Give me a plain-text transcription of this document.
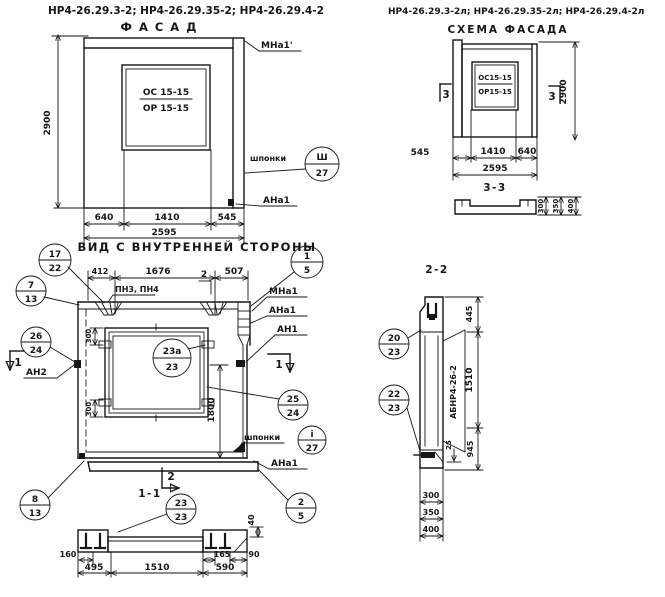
НР4-26.29.3-2; НР4-26.29.35-2; НР4-26.29.4-2
ФАСАД
НР4-26.29.3-2л; НР4-26.29.35-2л; НР4-26.29.4-2л
СХЕМА ФАСАДА
ОС 15-15
ОР 15-15
640	1410	545
2595
2900
МНа1'
шпонки
АНа1
Ш
27
ОС15-15
ОР15-15
3	3 2900
545	1410 640
2595
3-3
300 350 400
ВИД С ВНУТРЕННЕЙ СТОРОНЫ
412	1676	507
2
ПН3, ПН4
300
300	1800
МНа1
АНа1
АН1
АН2
шпонки
АНа1
1	1
2
17
22
7
13
26
24	23а
23
1
5
25
24
i
27
2
5
8
13
1-1
23
23	40
160	165 90
495	1510	590
2-2
АБНР4-26-2
445
1510
945
25
300
350
400
20
23
22
23
